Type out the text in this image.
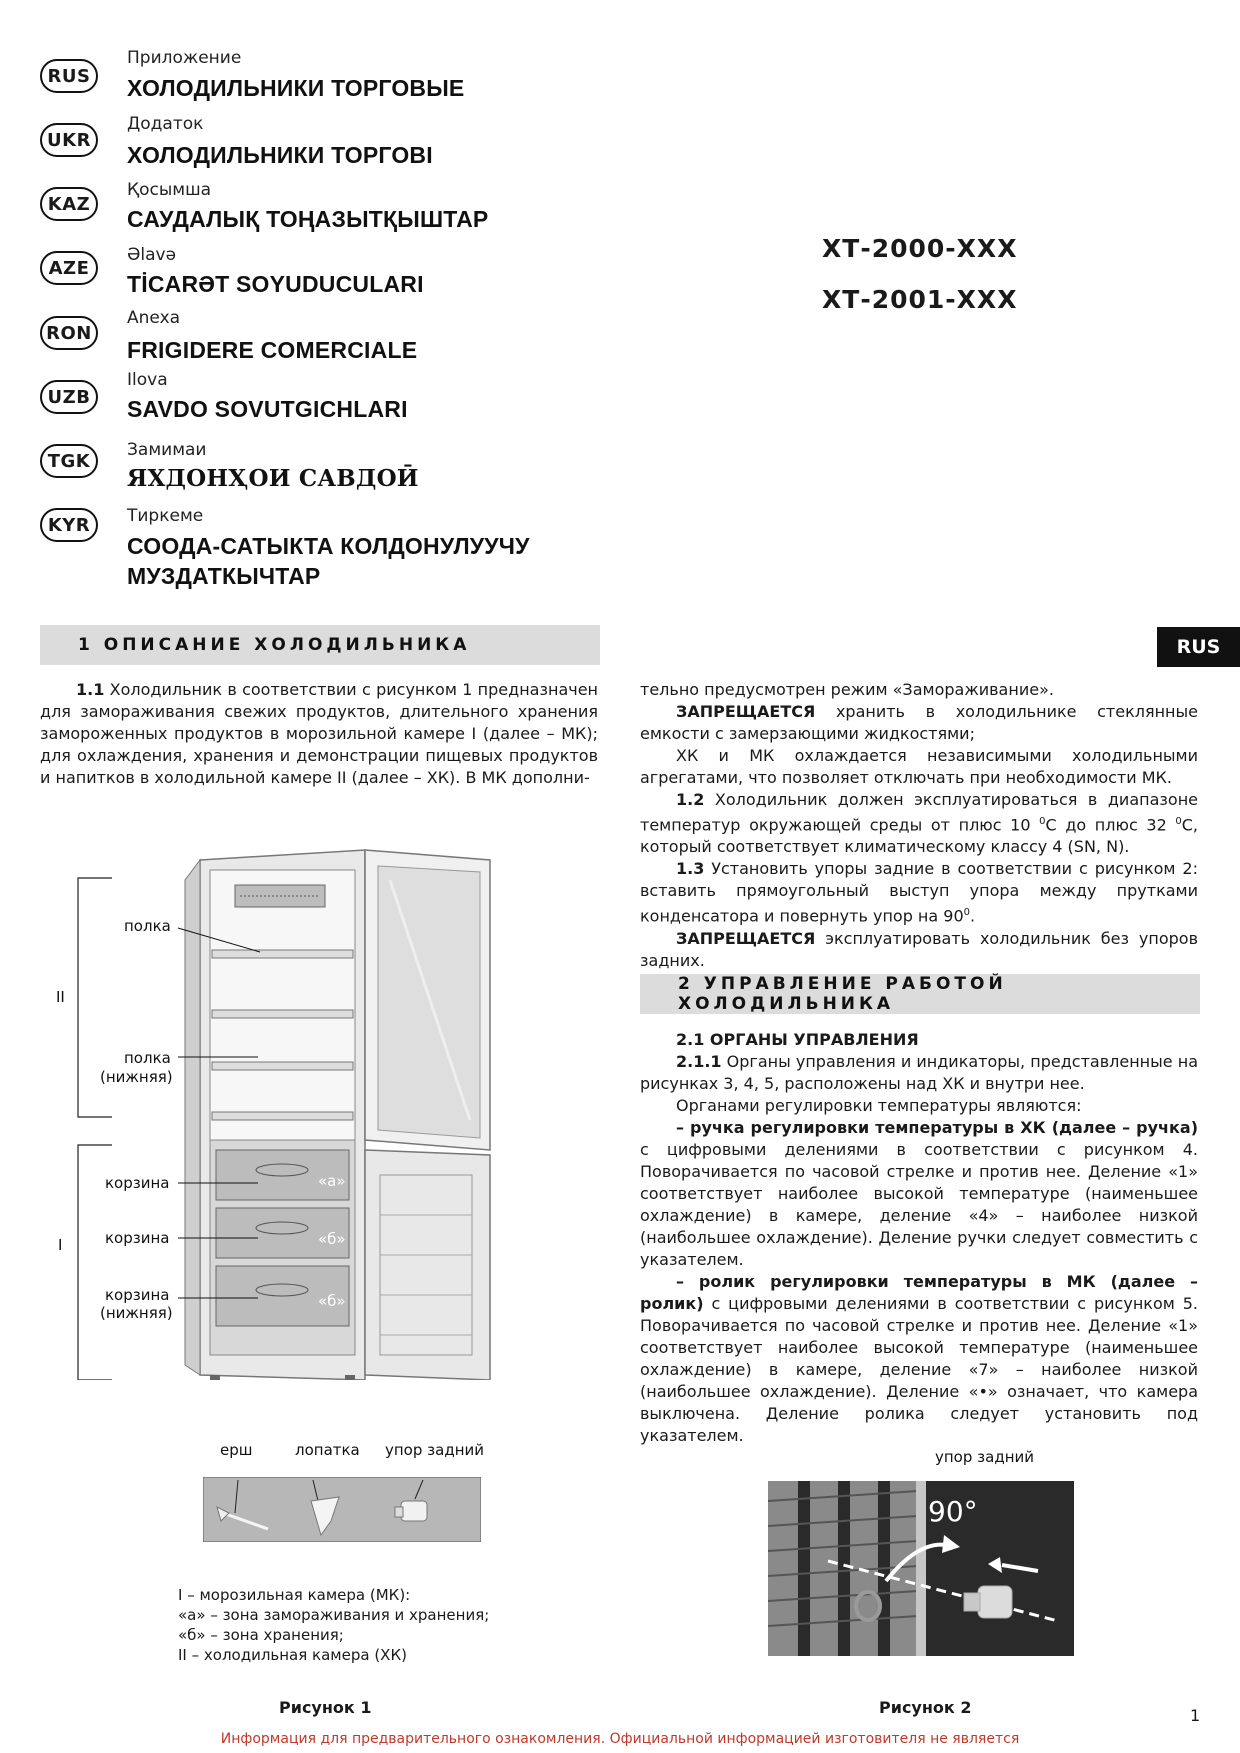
RUS
Приложение
ХОЛОДИЛЬНИКИ ТОРГОВЫЕ
UKR
Додаток
ХОЛОДИЛЬНИКИ ТОРГОВІ
KAZ
Қосымша
САУДАЛЫҚ ТОҢАЗЫТҚЫШТАР
AZE
Əlavə
TİCARƏT SOYUDUCULARI
RON
Anexa
FRIGIDERE COMERCIALE
UZB
Ilova
SAVDO SOVUTGICHLARI
TGK
Замимаи
ЯХДОНҲОИ САВДОӢ
KYR	Тиркеме
СООДА-САТЫКТА КОЛДОНУЛУУЧУ
МУЗДАТКЫЧТАР
ХТ-2000-ХХХ
ХТ-2001-ХХХ
1 ОПИСАНИЕ ХОЛОДИЛЬНИКА	RUS

1.1 Холодильник в соответствии с рисунком 1 предназначен для замораживания свежих продуктов, длительного хранения замороженных продуктов в морозильной камере I (далее – МК); для охлаждения, хранения и демонстрации пищевых продуктов и напитков в холодильной камере II (далее – ХК). В МК дополни-

тельно предусмотрен режим «Замораживание».

ЗАПРЕЩАЕТСЯ хранить в холодильнике стеклянные емкости с замерзающими жидкостями;

ХК и МК охлаждается независимыми холодильными агрегатами, что позволяет отключать при необходимости МК.

1.2 Холодильник должен эксплуатироваться в диапазоне температур окружающей среды от плюс 10 $^0$С до плюс 32 $^0$С, который соответствует климатическому классу 4 (SN, N).

1.3 Установить упоры задние в соответствии с рисунком 2: вставить прямоугольный выступ упора между прутками конденсатора и повернуть упор на $90^0$.

ЗАПРЕЩАЕТСЯ эксплуатировать холодильник без упоров задних.

2 УПРАВЛЕНИЕ РАБОТОЙ ХОЛОДИЛЬНИКА

2.1 ОРГАНЫ УПРАВЛЕНИЯ

2.1.1 Органы управления и индикаторы, представленные на рисунках 3, 4, 5, расположены над ХК и внутри нее.

Органами регулировки температуры являются:

– ручка регулировки температуры в ХК (далее – ручка) с цифровыми делениями в соответствии с рисунком 4. Поворачивается по часовой стрелке и против нее. Деление «1» соответствует наиболее высокой температуре (наименьшее охлаждение) в камере, деление «4» – наиболее низкой (наибольшее охлаждение). Деление ручки следует совместить с указателем.

– ролик регулировки температуры в МК (далее – ролик) с цифровыми делениями в соответствии с рисунком 5. Поворачивается по часовой стрелке и против нее. Деление «1» соответствует наиболее высокой температуре (наименьшее охлаждение) в камере, деление «7» – наиболее низкой (наибольшее охлаждение). Деление «•» означает, что камера выключена. Деление ролика следует установить под указателем.

полка
полка
(нижняя)
корзина
корзина
корзина
(нижняя)
«а»
«б»
«б»
II
I
ерш	лопатка упор задний
I – морозильная камера (МК):
«а» – зона замораживания и хранения;
«б» – зона хранения;
II – холодильная камера (ХК)
Рисунок 1
упор задний
90°
Рисунок 2	1
Информация для предварительного ознакомления. Официальной информацией изготовителя не является
